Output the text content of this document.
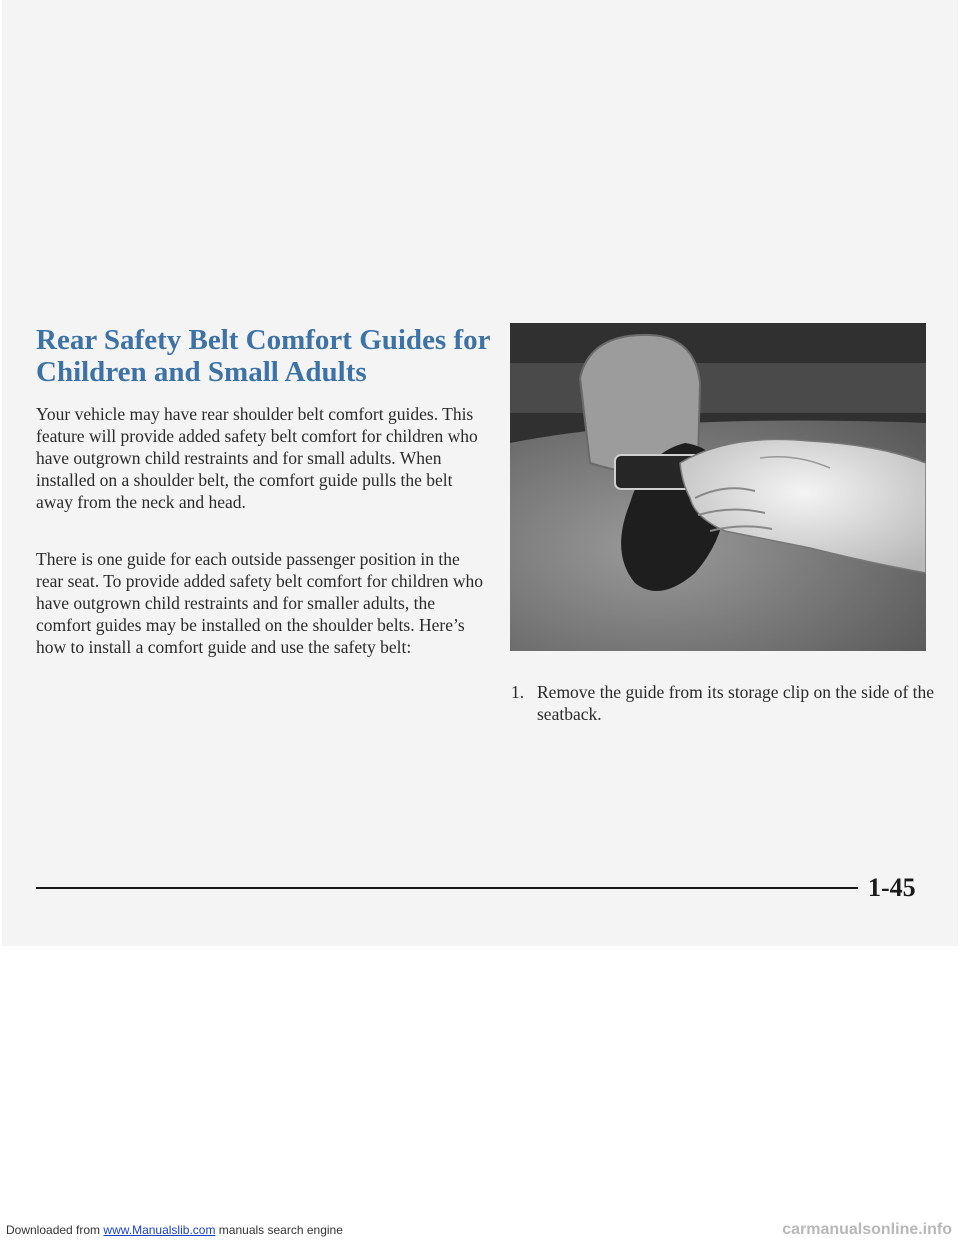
Rear Safety Belt Comfort Guides for Children and Small Adults

Your vehicle may have rear shoulder belt comfort guides. This feature will provide added safety belt comfort for children who have outgrown child restraints and for small adults. When installed on a shoulder belt, the comfort guide pulls the belt away from the neck and head.

There is one guide for each outside passenger position in the rear seat. To provide added safety belt comfort for children who have outgrown child restraints and for smaller adults, the comfort guides may be installed on the shoulder belts. Here’s how to install a comfort guide and use the safety belt:

1. Remove the guide from its storage clip on the side of the seatback.
1-45
Downloaded from www.Manualslib.com manuals search engine	carmanualsonline.info
